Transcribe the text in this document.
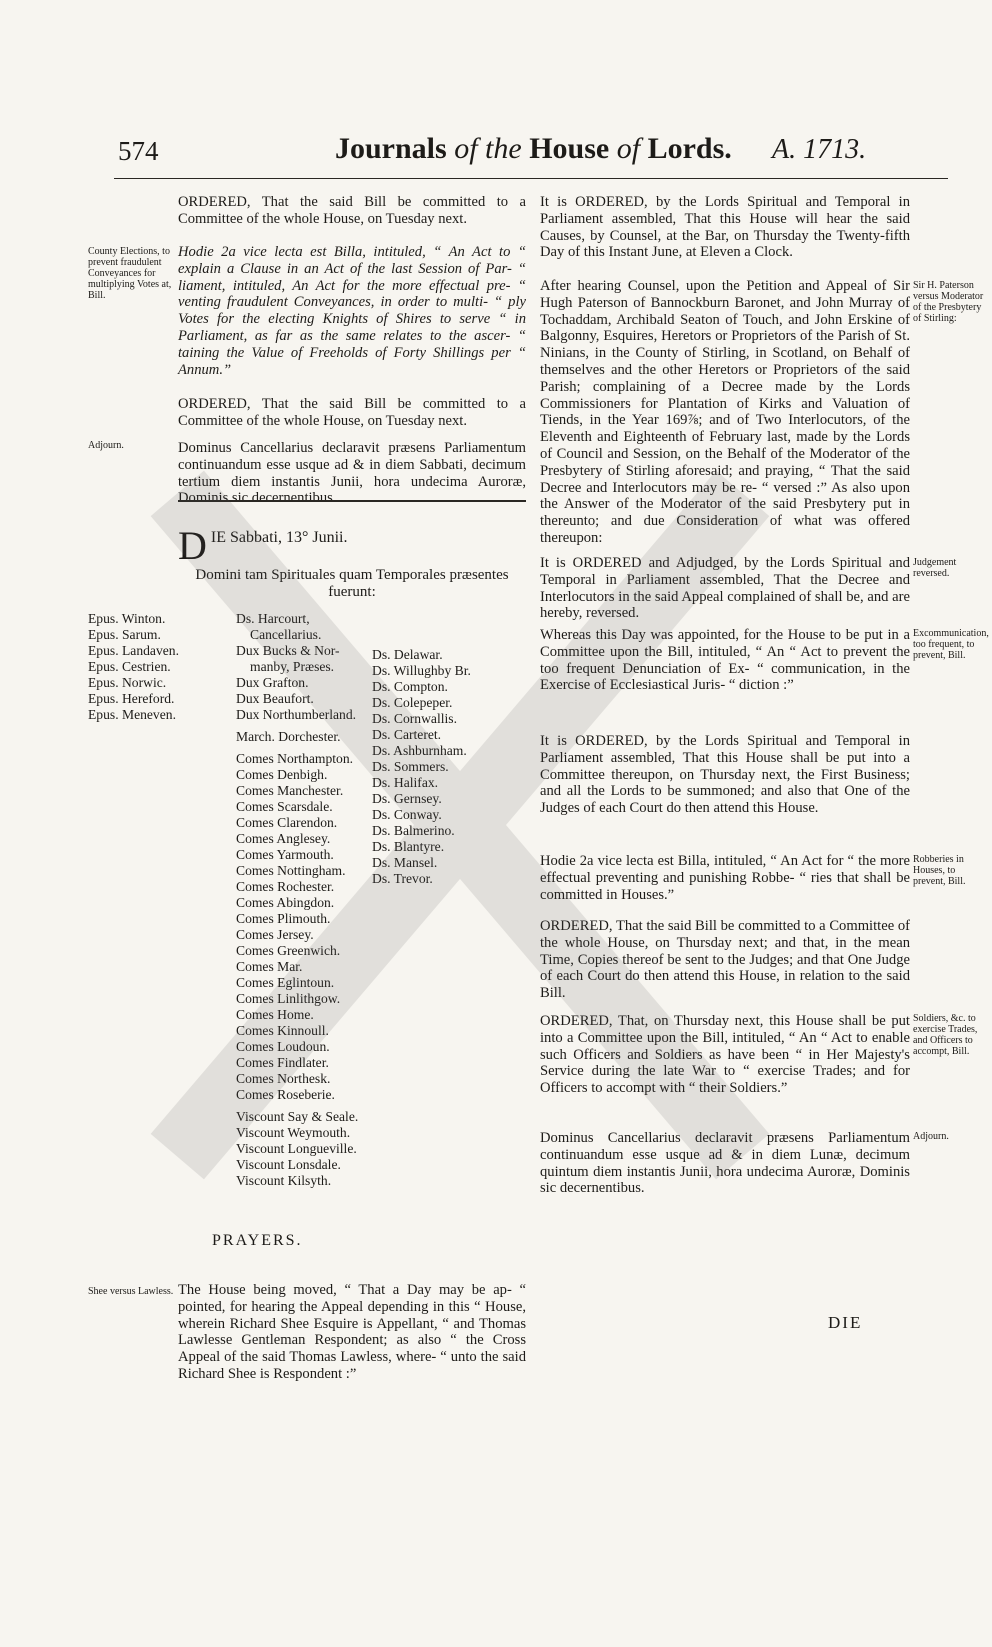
574	Journals of the House of Lords. A. 1713.
ORDERED, That the said Bill be committed to a Committee of the whole House, on Tuesday next.
County Elections, to prevent fraudulent Conveyances for multiplying Votes at, Bill.
Hodie 2a vice lecta est Billa, intituled, “ An Act to “ explain a Clause in an Act of the last Session of Par- “ liament, intituled, An Act for the more effectual pre- “ venting fraudulent Conveyances, in order to multi- “ ply Votes for the electing Knights of Shires to serve “ in Parliament, as far as the same relates to the ascer- “ taining the Value of Freeholds of Forty Shillings per “ Annum.”
ORDERED, That the said Bill be committed to a Committee of the whole House, on Tuesday next.
Adjourn.	Dominus Cancellarius declaravit præsens Parliamentum continuandum esse usque ad & in diem Sabbati, decimum tertium diem instantis Junii, hora undecima Auroræ, Dominis sic decernentibus.
DIE Sabbati, 13° Junii.
Domini tam Spirituales quam Temporales præsentes fuerunt:
Epus. Winton.
Epus. Sarum.
Epus. Landaven.
Epus. Cestrien.
Epus. Norwic.
Epus. Hereford.
Epus. Meneven.
Ds. Harcourt,
Cancellarius.
Dux Bucks & Nor-
manby, Præses.
Dux Grafton.
Dux Beaufort.
Dux Northumberland.
March. Dorchester.
Comes Northampton.
Comes Denbigh.
Comes Manchester.
Comes Scarsdale.
Comes Clarendon.
Comes Anglesey.
Comes Yarmouth.
Comes Nottingham.
Comes Rochester.
Comes Abingdon.
Comes Plimouth.
Comes Jersey.
Comes Greenwich.
Comes Mar.
Comes Eglintoun.
Comes Linlithgow.
Comes Home.
Comes Kinnoull.
Comes Loudoun.
Comes Findlater.
Comes Northesk.
Comes Roseberie.
Viscount Say & Seale.
Viscount Weymouth.
Viscount Longueville.
Viscount Lonsdale.
Viscount Kilsyth.
Ds. Delawar.
Ds. Willughby Br.
Ds. Compton.
Ds. Colepeper.
Ds. Cornwallis.
Ds. Carteret.
Ds. Ashburnham.
Ds. Sommers.
Ds. Halifax.
Ds. Gernsey.
Ds. Conway.
Ds. Balmerino.
Ds. Blantyre.
Ds. Mansel.
Ds. Trevor.
PRAYERS.
Shee versus Lawless. The House being moved, “ That a Day may be ap- “ pointed, for hearing the Appeal depending in this “ House, wherein Richard Shee Esquire is Appellant, “ and Thomas Lawlesse Gentleman Respondent; as also “ the Cross Appeal of the said Thomas Lawless, where- “ unto the said Richard Shee is Respondent :”
It is ORDERED, by the Lords Spiritual and Temporal in Parliament assembled, That this House will hear the said Causes, by Counsel, at the Bar, on Thursday the Twenty-fifth Day of this Instant June, at Eleven a Clock.
After hearing Counsel, upon the Petition and Appeal of Sir Hugh Paterson of Bannockburn Baronet, and John Murray of Tochaddam, Archibald Seaton of Touch, and John Erskine of Balgonny, Esquires, Heretors or Proprietors of the Parish of St. Ninians, in the County of Stirling, in Scotland, on Behalf of themselves and the other Heretors or Proprietors of the said Parish; complaining of a Decree made by the Lords Commissioners for Plantation of Kirks and Valuation of Tiends, in the Year 169⅞; and of Two Interlocutors, of the Eleventh and Eighteenth of February last, made by the Lords of Council and Session, on the Behalf of the Moderator of the Presbytery of Stirling aforesaid; and praying, “ That the said Decree and Interlocutors may be re- “ versed :” As also upon the Answer of the Moderator of the said Presbytery put in thereunto; and due Consideration of what was offered thereupon:
Sir H. Paterson versus Moderator of the Presbytery of Stirling:
It is ORDERED and Adjudged, by the Lords Spiritual and Temporal in Parliament assembled, That the Decree and Interlocutors in the said Appeal complained of shall be, and are hereby, reversed.
Judgement reversed.
Whereas this Day was appointed, for the House to be put in a Committee upon the Bill, intituled, “ An “ Act to prevent the too frequent Denunciation of Ex- “ communication, in the Exercise of Ecclesiastical Juris- “ diction :”
Excommunication, too frequent, to prevent, Bill.
It is ORDERED, by the Lords Spiritual and Temporal in Parliament assembled, That this House shall be put into a Committee thereupon, on Thursday next, the First Business; and all the Lords to be summoned; and also that One of the Judges of each Court do then attend this House.
Hodie 2a vice lecta est Billa, intituled, “ An Act for “ the more effectual preventing and punishing Robbe- “ ries that shall be committed in Houses.”
Robberies in Houses, to prevent, Bill.
ORDERED, That the said Bill be committed to a Committee of the whole House, on Thursday next; and that, in the mean Time, Copies thereof be sent to the Judges; and that One Judge of each Court do then attend this House, in relation to the said Bill.
ORDERED, That, on Thursday next, this House shall be put into a Committee upon the Bill, intituled, “ An “ Act to enable such Officers and Soldiers as have been “ in Her Majesty's Service during the late War to “ exercise Trades; and for Officers to accompt with “ their Soldiers.”
Soldiers, &c. to exercise Trades, and Officers to accompt, Bill.
Dominus Cancellarius declaravit præsens Parliamentum continuandum esse usque ad & in diem Lunæ, decimum quintum diem instantis Junii, hora undecima Auroræ, Dominis sic decernentibus.
Adjourn.
DIE
